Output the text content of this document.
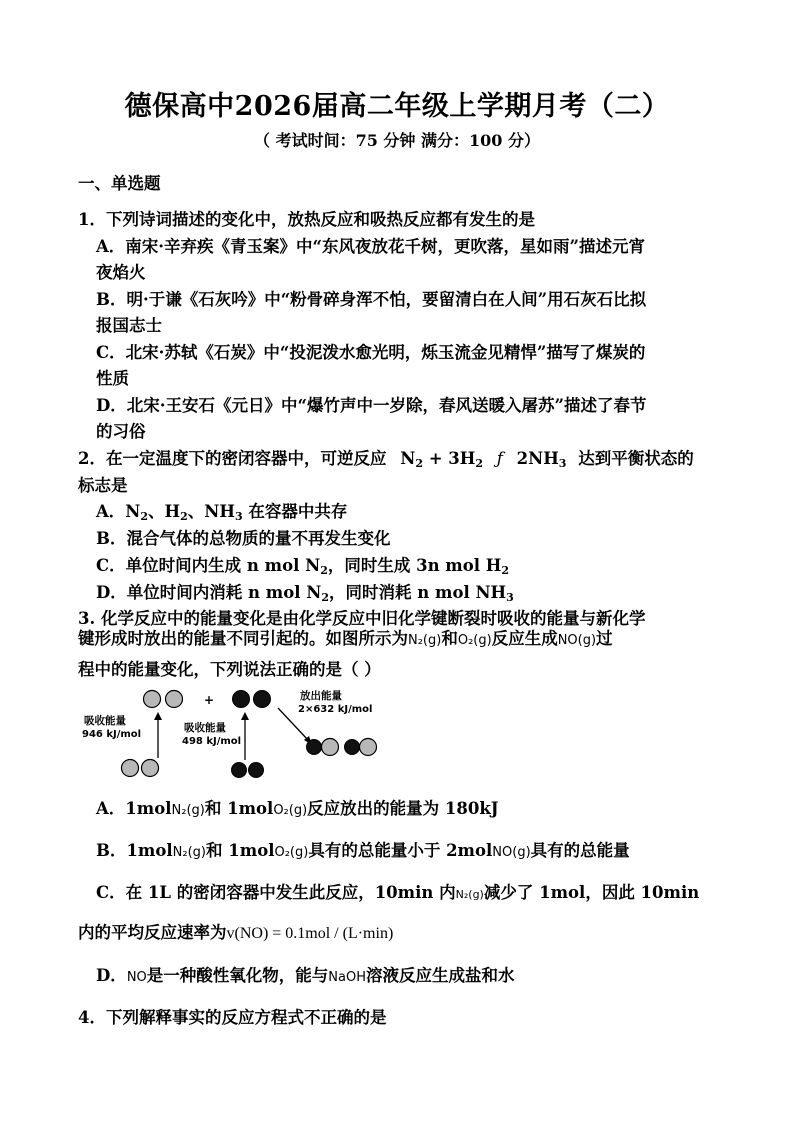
德保高中2026届高二年级上学期月考（二）
（ 考试时间：75 分钟 满分：100 分）
一、单选题
1．下列诗词描述的变化中，放热反应和吸热反应都有发生的是
A．南宋·辛弃疾《青玉案》中“东风夜放花千树，更吹落，星如雨”描述元宵
夜焰火
B．明·于谦《石灰吟》中“粉骨碎身浑不怕，要留清白在人间”用石灰石比拟
报国志士
C．北宋·苏轼《石炭》中“投泥泼水愈光明，烁玉流金见精悍”描写了煤炭的
性质
D．北宋·王安石《元日》中“爆竹声中一岁除，春风送暖入屠苏”描述了春节
的习俗
2．在一定温度下的密闭容器中，可逆反应 N2 + 3H2 ƒ 2NH3 达到平衡状态的
标志是
A．N2、H2、NH3 在容器中共存
B．混合气体的总物质的量不再发生变化
C．单位时间内生成 n mol N2，同时生成 3n mol H2
D．单位时间内消耗 n mol N2，同时消耗 n mol NH3
3. 化学反应中的能量变化是由化学反应中旧化学键断裂时吸收的能量与新化学
键形成时放出的能量不同引起的。如图所示为N₂(g)和O₂(g)反应生成NO(g)过
程中的能量变化，下列说法正确的是（ ）
+
吸收能量
946 kJ/mol
吸收能量
498 kJ/mol
放出能量
2×632 kJ/mol
A．1molN₂(g)和 1molO₂(g)反应放出的能量为 180kJ
B．1molN₂(g)和 1molO₂(g)具有的总能量小于 2molNO(g)具有的总能量
C．在 1L 的密闭容器中发生此反应，10min 内N₂(g)减少了 1mol，因此 10min
内的平均反应速率为v(NO) = 0.1mol / (L·min)
D．NO是一种酸性氧化物，能与NaOH溶液反应生成盐和水
4．下列解释事实的反应方程式不正确的是
